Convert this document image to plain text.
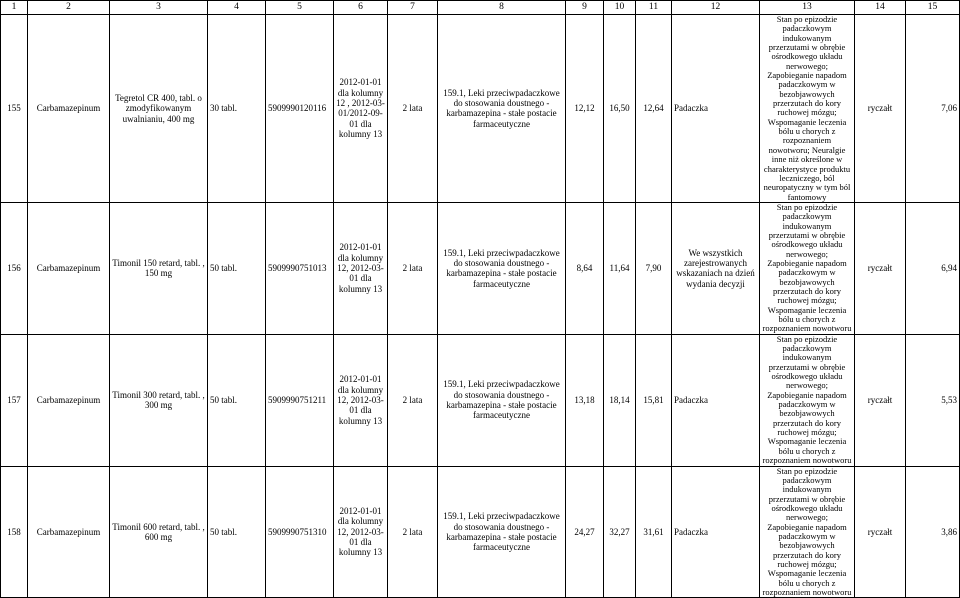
1	2	3	4	5	6	7	8	9	10	11	12	13	14	15
155	Carbamazepinum	Tegretol CR 400, tabl. o zmodyfikowanym uwalnianiu, 400 mg	30 tabl.	5909990120116	2012-01-01 dla kolumny 12 , 2012-03-01/2012-09-01 dla kolumny 13	2 lata	159.1, Leki przeciwpadaczkowe do stosowania doustnego - karbamazepina - stałe postacie farmaceutyczne	12,12	16,50	12,64	Padaczka	Stan po epizodzie padaczkowym indukowanym przerzutami w obrębie ośrodkowego układu nerwowego; Zapobieganie napadom padaczkowym w bezobjawowych przerzutach do kory ruchowej mózgu; Wspomaganie leczenia bólu u chorych z rozpoznaniem nowotworu; Neuralgie inne niż określone w charakterystyce produktu leczniczego, ból neuropatyczny w tym ból fantomowy	ryczałt	7,06
156	Carbamazepinum	Timonil 150 retard, tabl. , 150 mg	50 tabl.	5909990751013	2012-01-01 dla kolumny 12, 2012-03-01 dla kolumny 13	2 lata	159.1, Leki przeciwpadaczkowe do stosowania doustnego - karbamazepina - stałe postacie farmaceutyczne	8,64	11,64	7,90	We wszystkich zarejestrowanych wskazaniach na dzień wydania decyzji	Stan po epizodzie padaczkowym indukowanym przerzutami w obrębie ośrodkowego układu nerwowego; Zapobieganie napadom padaczkowym w bezobjawowych przerzutach do kory ruchowej mózgu; Wspomaganie leczenia bólu u chorych z rozpoznaniem nowotworu	ryczałt	6,94
157	Carbamazepinum	Timonil 300 retard, tabl. , 300 mg	50 tabl.	5909990751211	2012-01-01 dla kolumny 12, 2012-03-01 dla kolumny 13	2 lata	159.1, Leki przeciwpadaczkowe do stosowania doustnego - karbamazepina - stałe postacie farmaceutyczne	13,18	18,14	15,81	Padaczka	Stan po epizodzie padaczkowym indukowanym przerzutami w obrębie ośrodkowego układu nerwowego; Zapobieganie napadom padaczkowym w bezobjawowych przerzutach do kory ruchowej mózgu; Wspomaganie leczenia bólu u chorych z rozpoznaniem nowotworu	ryczałt	5,53
158	Carbamazepinum	Timonil 600 retard, tabl. , 600 mg	50 tabl.	5909990751310	2012-01-01 dla kolumny 12, 2012-03-01 dla kolumny 13	2 lata	159.1, Leki przeciwpadaczkowe do stosowania doustnego - karbamazepina - stałe postacie farmaceutyczne	24,27	32,27	31,61	Padaczka	Stan po epizodzie padaczkowym indukowanym przerzutami w obrębie ośrodkowego układu nerwowego; Zapobieganie napadom padaczkowym w bezobjawowych przerzutach do kory ruchowej mózgu; Wspomaganie leczenia bólu u chorych z rozpoznaniem nowotworu	ryczałt	3,86
